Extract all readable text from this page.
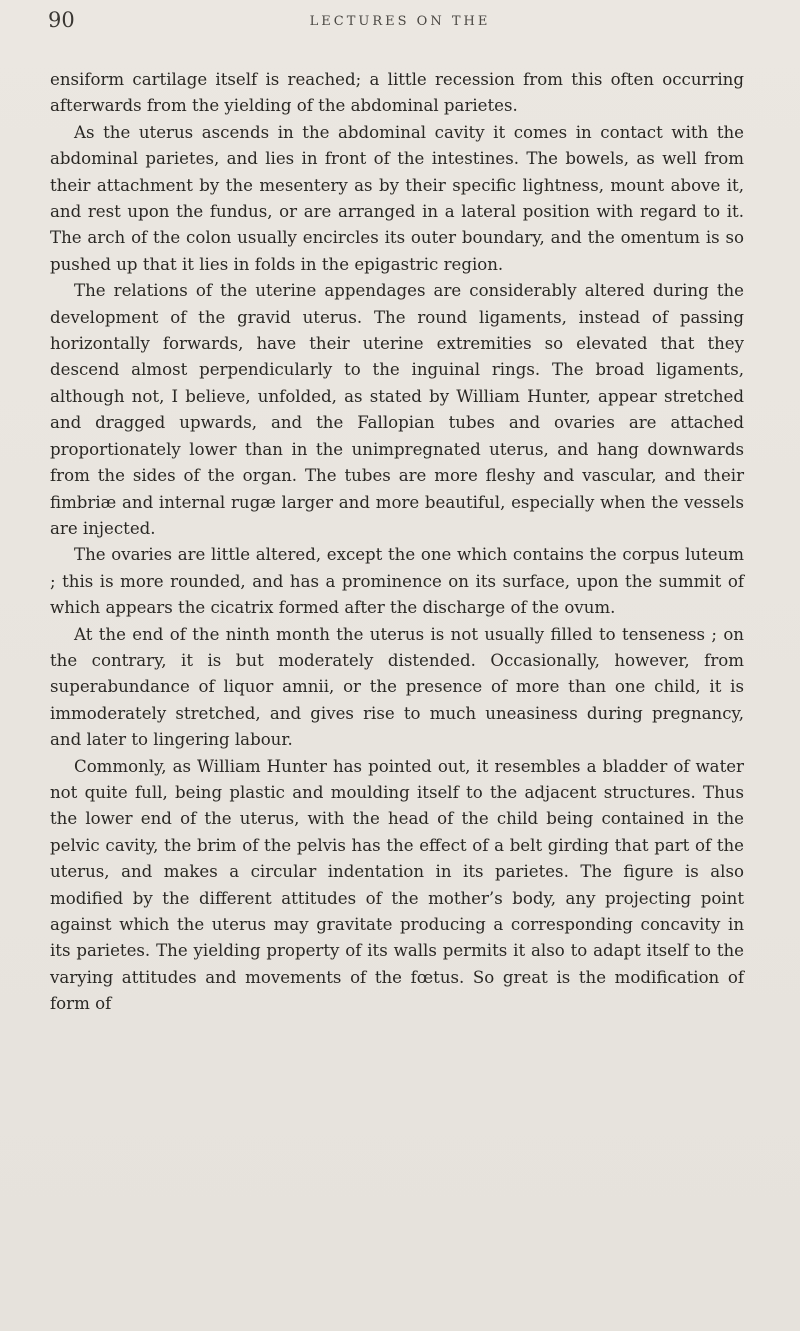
90	LECTURES ON THE

ensiform cartilage itself is reached; a little recession from this often occurring afterwards from the yielding of the abdominal parietes.

As the uterus ascends in the abdominal cavity it comes in contact with the abdominal parietes, and lies in front of the intestines. The bowels, as well from their attachment by the mesentery as by their specific lightness, mount above it, and rest upon the fundus, or are arranged in a lateral position with regard to it. The arch of the colon usually encircles its outer boundary, and the omentum is so pushed up that it lies in folds in the epigastric region.

The relations of the uterine appendages are considerably altered during the development of the gravid uterus. The round ligaments, instead of passing horizontally forwards, have their uterine extremities so elevated that they descend almost perpendicularly to the inguinal rings. The broad ligaments, although not, I believe, unfolded, as stated by William Hunter, appear stretched and dragged upwards, and the Fallopian tubes and ovaries are attached proportionately lower than in the unimpregnated uterus, and hang downwards from the sides of the organ. The tubes are more fleshy and vascular, and their fimbriæ and internal rugæ larger and more beautiful, especially when the vessels are injected.

The ovaries are little altered, except the one which contains the corpus luteum ; this is more rounded, and has a prominence on its surface, upon the summit of which appears the cicatrix formed after the discharge of the ovum.

At the end of the ninth month the uterus is not usually filled to tenseness ; on the contrary, it is but moderately distended. Occasionally, however, from superabundance of liquor amnii, or the presence of more than one child, it is immoderately stretched, and gives rise to much uneasiness during pregnancy, and later to lingering labour.

Commonly, as William Hunter has pointed out, it resembles a bladder of water not quite full, being plastic and moulding itself to the adjacent structures. Thus the lower end of the uterus, with the head of the child being contained in the pelvic cavity, the brim of the pelvis has the effect of a belt girding that part of the uterus, and makes a circular indentation in its parietes. The figure is also modified by the different attitudes of the mother’s body, any projecting point against which the uterus may gravitate producing a corresponding concavity in its parietes. The yielding property of its walls permits it also to adapt itself to the varying attitudes and movements of the fœtus. So great is the modification of form of
